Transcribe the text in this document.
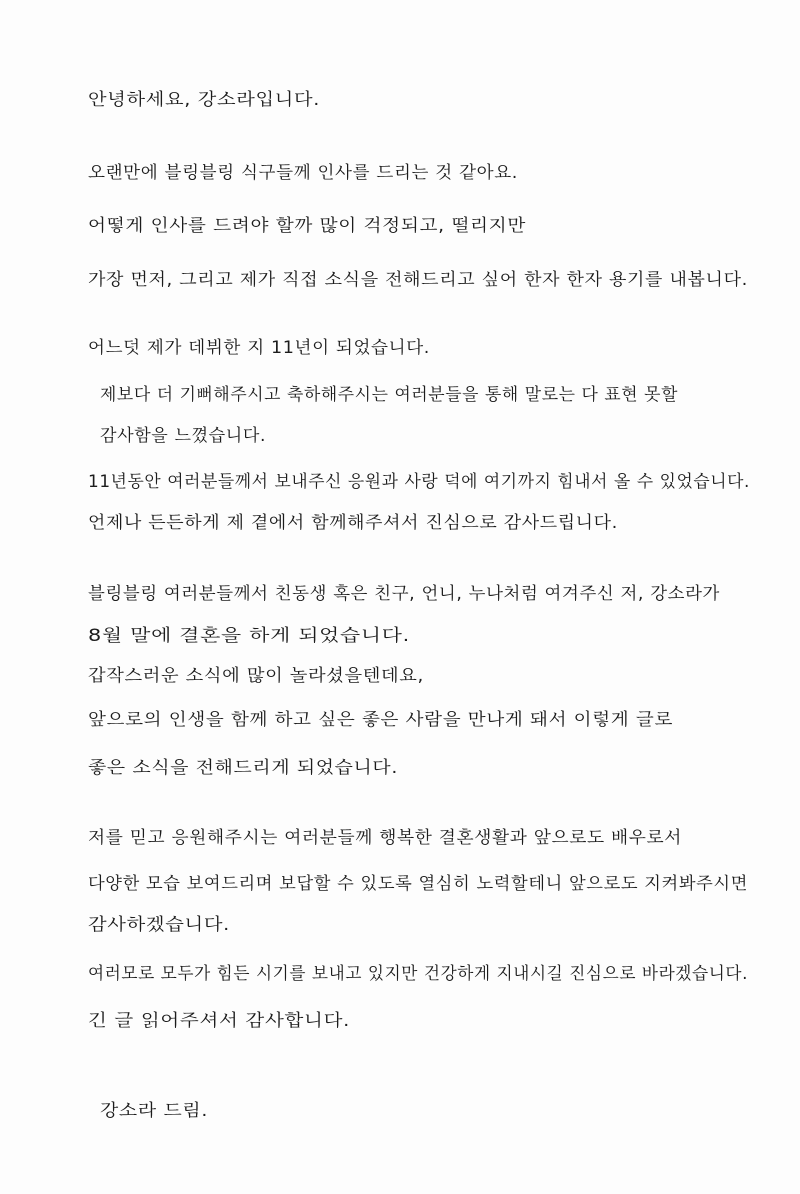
안녕하세요, 강소라입니다.
오랜만에 블링블링 식구들께 인사를 드리는 것 같아요.
어떻게 인사를 드려야 할까 많이 걱정되고, 떨리지만
가장 먼저, 그리고 제가 직접 소식을 전해드리고 싶어 한자 한자 용기를 내봅니다.
어느덧 제가 데뷔한 지 11년이 되었습니다.
제보다 더 기뻐해주시고 축하해주시는 여러분들을 통해 말로는 다 표현 못할
감사함을 느꼈습니다.
11년동안 여러분들께서 보내주신 응원과 사랑 덕에 여기까지 힘내서 올 수 있었습니다.
언제나 든든하게 제 곁에서 함께해주셔서 진심으로 감사드립니다.
블링블링 여러분들께서 친동생 혹은 친구, 언니, 누나처럼 여겨주신 저, 강소라가
8월 말에 결혼을 하게 되었습니다.
갑작스러운 소식에 많이 놀라셨을텐데요,
앞으로의 인생을 함께 하고 싶은 좋은 사람을 만나게 돼서 이렇게 글로
좋은 소식을 전해드리게 되었습니다.
저를 믿고 응원해주시는 여러분들께 행복한 결혼생활과 앞으로도 배우로서
다양한 모습 보여드리며 보답할 수 있도록 열심히 노력할테니 앞으로도 지켜봐주시면
감사하겠습니다.
여러모로 모두가 힘든 시기를 보내고 있지만 건강하게 지내시길 진심으로 바라겠습니다.
긴 글 읽어주셔서 감사합니다.
강소라 드림.
